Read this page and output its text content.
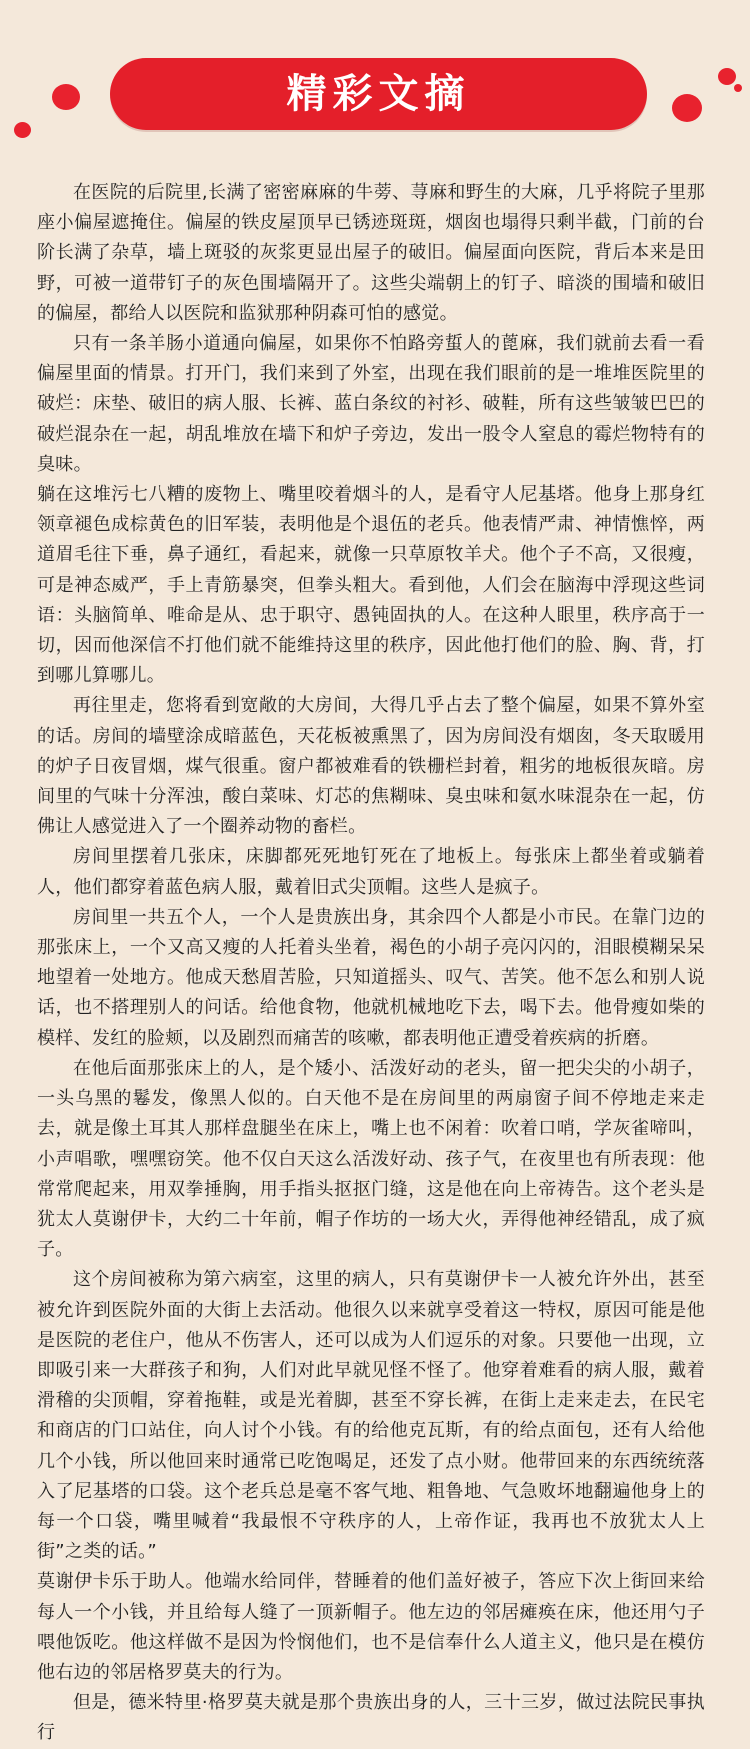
精彩文摘

在医院的后院里,长满了密密麻麻的牛蒡、荨麻和野生的大麻，几乎将院子里那座小偏屋遮掩住。偏屋的铁皮屋顶早已锈迹斑斑，烟囱也塌得只剩半截，门前的台阶长满了杂草，墙上斑驳的灰浆更显出屋子的破旧。偏屋面向医院，背后本来是田野，可被一道带钉子的灰色围墙隔开了。这些尖端朝上的钉子、暗淡的围墙和破旧的偏屋，都给人以医院和监狱那种阴森可怕的感觉。

只有一条羊肠小道通向偏屋，如果你不怕路旁蜇人的蓖麻，我们就前去看一看偏屋里面的情景。打开门，我们来到了外室，出现在我们眼前的是一堆堆医院里的破烂：床垫、破旧的病人服、长裤、蓝白条纹的衬衫、破鞋，所有这些皱皱巴巴的破烂混杂在一起，胡乱堆放在墙下和炉子旁边，发出一股令人窒息的霉烂物特有的臭味。

躺在这堆污七八糟的废物上、嘴里咬着烟斗的人，是看守人尼基塔。他身上那身红领章褪色成棕黄色的旧军装，表明他是个退伍的老兵。他表情严肃、神情憔悴，两道眉毛往下垂，鼻子通红，看起来，就像一只草原牧羊犬。他个子不高，又很瘦，可是神态威严，手上青筋暴突，但拳头粗大。看到他，人们会在脑海中浮现这些词语：头脑简单、唯命是从、忠于职守、愚钝固执的人。在这种人眼里，秩序高于一切，因而他深信不打他们就不能维持这里的秩序，因此他打他们的脸、胸、背，打到哪儿算哪儿。

再往里走，您将看到宽敞的大房间，大得几乎占去了整个偏屋，如果不算外室的话。房间的墙壁涂成暗蓝色，天花板被熏黑了，因为房间没有烟囱，冬天取暖用的炉子日夜冒烟，煤气很重。窗户都被难看的铁栅栏封着，粗劣的地板很灰暗。房间里的气味十分浑浊，酸白菜味、灯芯的焦糊味、臭虫味和氨水味混杂在一起，仿佛让人感觉进入了一个圈养动物的畜栏。

房间里摆着几张床，床脚都死死地钉死在了地板上。每张床上都坐着或躺着人，他们都穿着蓝色病人服，戴着旧式尖顶帽。这些人是疯子。

房间里一共五个人，一个人是贵族出身，其余四个人都是小市民。在靠门边的那张床上，一个又高又瘦的人托着头坐着，褐色的小胡子亮闪闪的，泪眼模糊呆呆地望着一处地方。他成天愁眉苦脸，只知道摇头、叹气、苦笑。他不怎么和别人说话，也不搭理别人的问话。给他食物，他就机械地吃下去，喝下去。他骨瘦如柴的模样、发红的脸颊，以及剧烈而痛苦的咳嗽，都表明他正遭受着疾病的折磨。

在他后面那张床上的人，是个矮小、活泼好动的老头，留一把尖尖的小胡子，一头乌黑的鬈发，像黑人似的。白天他不是在房间里的两扇窗子间不停地走来走去，就是像土耳其人那样盘腿坐在床上，嘴上也不闲着：吹着口哨，学灰雀啼叫，小声唱歌，嘿嘿窃笑。他不仅白天这么活泼好动、孩子气，在夜里也有所表现：他常常爬起来，用双拳捶胸，用手指头抠抠门缝，这是他在向上帝祷告。这个老头是犹太人莫谢伊卡，大约二十年前，帽子作坊的一场大火，弄得他神经错乱，成了疯子。

这个房间被称为第六病室，这里的病人，只有莫谢伊卡一人被允许外出，甚至被允许到医院外面的大街上去活动。他很久以来就享受着这一特权，原因可能是他是医院的老住户，他从不伤害人，还可以成为人们逗乐的对象。只要他一出现，立即吸引来一大群孩子和狗，人们对此早就见怪不怪了。他穿着难看的病人服，戴着滑稽的尖顶帽，穿着拖鞋，或是光着脚，甚至不穿长裤，在街上走来走去，在民宅和商店的门口站住，向人讨个小钱。有的给他克瓦斯，有的给点面包，还有人给他几个小钱，所以他回来时通常已吃饱喝足，还发了点小财。他带回来的东西统统落入了尼基塔的口袋。这个老兵总是毫不客气地、粗鲁地、气急败坏地翻遍他身上的每一个口袋，嘴里喊着“我最恨不守秩序的人，上帝作证，我再也不放犹太人上街”之类的话。”

莫谢伊卡乐于助人。他端水给同伴，替睡着的他们盖好被子，答应下次上街回来给每人一个小钱，并且给每人缝了一顶新帽子。他左边的邻居瘫痪在床，他还用勺子喂他饭吃。他这样做不是因为怜悯他们，也不是信奉什么人道主义，他只是在模仿他右边的邻居格罗莫夫的行为。

但是，德米特里·格罗莫夫就是那个贵族出身的人，三十三岁，做过法院民事执行
